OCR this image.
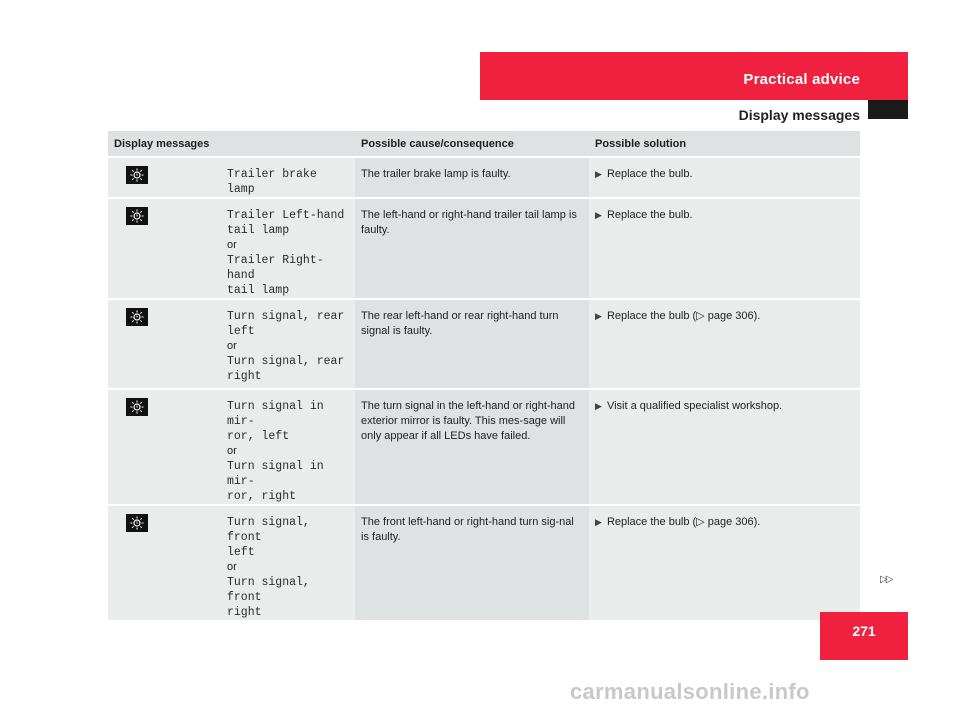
Practical advice
Display messages
Display messages		Possible cause/consequence	Possible solution

Trailer brake lamp	The trailer brake lamp is faulty.	▶ Replace the bulb.

Trailer Left-hand
tail lamp
or
Trailer Right-hand
tail lamp	The left-hand or right-hand trailer tail lamp is faulty.	▶ Replace the bulb.

Turn signal, rear
left
or
Turn signal, rear
right	The rear left-hand or rear right-hand turn signal is faulty.	▶ Replace the bulb (▷ page 306).

Turn signal in mir-
ror, left
or
Turn signal in mir-
ror, right	The turn signal in the left-hand or right-hand exterior mirror is faulty. This mes-sage will only appear if all LEDs have failed.	▶ Visit a qualified specialist workshop.

Turn signal, front
left
or
Turn signal, front
right	The front left-hand or right-hand turn sig-nal is faulty.	▶ Replace the bulb (▷ page 306).
▷▷
271
carmanualsonline.info
